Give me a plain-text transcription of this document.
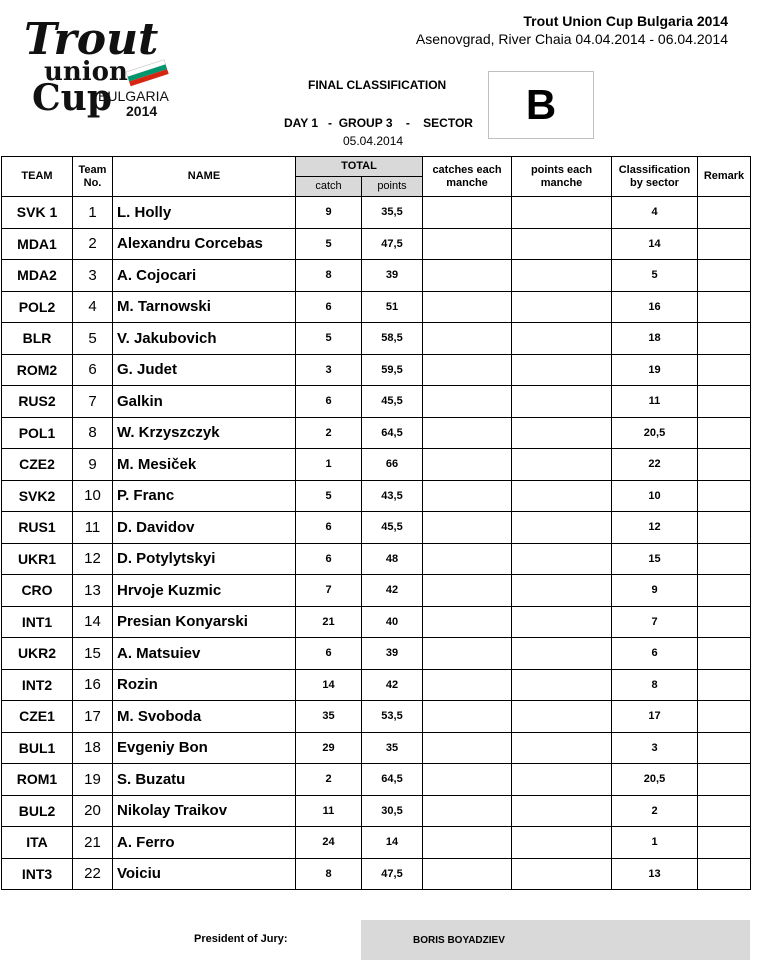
Trout
union
Cup
BULGARIA
2014
Trout Union Cup Bulgaria 2014
Asenovgrad, River Chaia 04.04.2014 - 06.04.2014
FINAL CLASSIFICATION
DAY 1   -  GROUP 3    -    SECTOR
05.04.2014
B
TEAM	Team No.	NAME	TOTAL		catches each manche	points each manche	Classification by sector	Remark
			catch	points				
SVK 1	1	L. Holly	9	35,5			4	
MDA1	2	Alexandru Corcebas	5	47,5			14	
MDA2	3	A. Cojocari	8	39			5	
POL2	4	M. Tarnowski	6	51			16	
BLR	5	V. Jakubovich	5	58,5			18	
ROM2	6	G. Judet	3	59,5			19	
RUS2	7	Galkin	6	45,5			11	
POL1	8	W. Krzyszczyk	2	64,5			20,5	
CZE2	9	M. Mesiček	1	66			22	
SVK2	10	P. Franc	5	43,5			10	
RUS1	11	D. Davidov	6	45,5			12	
UKR1	12	D. Potylytskyi	6	48			15	
CRO	13	Hrvoje Kuzmic	7	42			9	
INT1	14	Presian Konyarski	21	40			7	
UKR2	15	A. Matsuiev	6	39			6	
INT2	16	Rozin	14	42			8	
CZE1	17	M. Svoboda	35	53,5			17	
BUL1	18	Evgeniy Bon	29	35			3	
ROM1	19	S. Buzatu	2	64,5			20,5	
BUL2	20	Nikolay Traikov	11	30,5			2	
ITA	21	A. Ferro	24	14			1	
INT3	22	Voiciu	8	47,5			13	
President of Jury:	BORIS BOYADZIEV
